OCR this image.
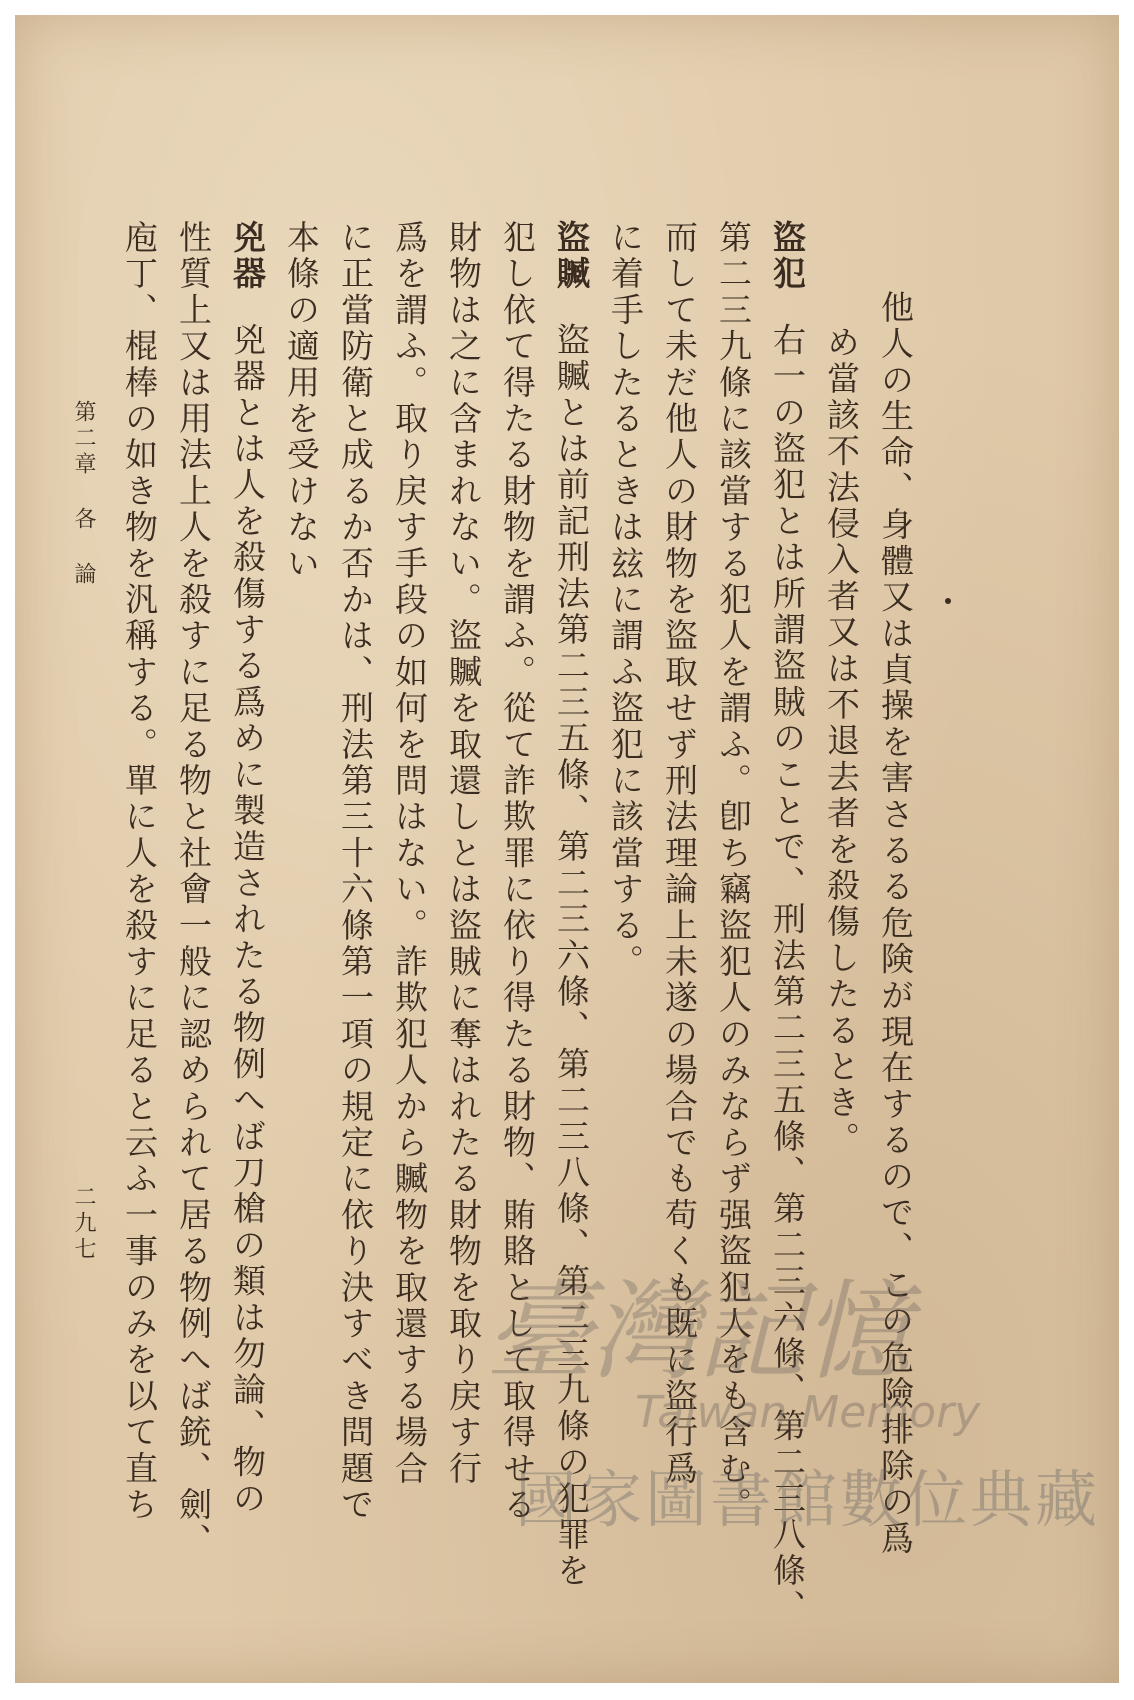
他人の生命、身體又は貞操を害さるる危険が現在するので、この危險排除の爲
め當該不法侵入者又は不退去者を殺傷したるとき。
盜犯右一の盜犯とは所謂盜賊のことで、刑法第二三五條、第二三六條、第二三八條、
第二三九條に該當する犯人を謂ふ。卽ち竊盜犯人のみならず强盜犯人をも含む。
而して未だ他人の財物を盜取せず刑法理論上未遂の場合でも苟くも既に盜行爲
に着手したるときは玆に謂ふ盜犯に該當する。
盜贓盜贓とは前記刑法第二三五條、第二三六條、第二三八條、第二三九條の犯罪を
犯し依て得たる財物を謂ふ。從て詐欺罪に依り得たる財物、賄賂として取得せる
財物は之に含まれない。盜贓を取還しとは盜賊に奪はれたる財物を取り戻す行
爲を謂ふ。取り戻す手段の如何を問はない。詐欺犯人から贓物を取還する場合
に正當防衛と成るか否かは、刑法第三十六條第一項の規定に依り決すべき問題で
本條の適用を受けない
兇器兇器とは人を殺傷する爲めに製造されたる物例へば刀槍の類は勿論、物の
性質上又は用法上人を殺すに足る物と社會一般に認められて居る物例へば銃、劍、
庖丁、棍棒の如き物を汎稱する。單に人を殺すに足ると云ふ一事のみを以て直ち
第二章 各 論
二九七
臺灣記憶
Taiwan Memory
國家圖書館數位典藏
